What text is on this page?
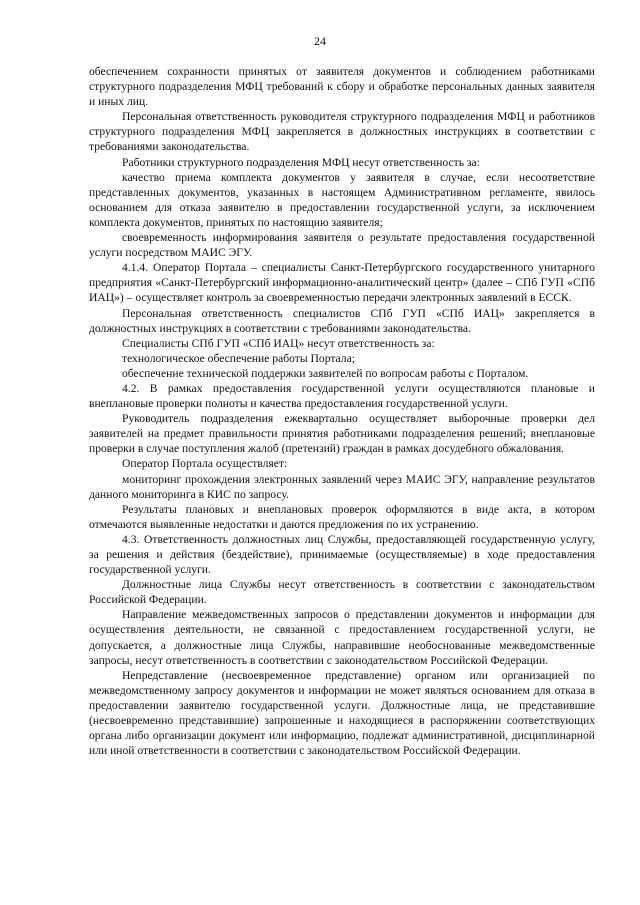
24

обеспечением сохранности принятых от заявителя документов и соблюдением работниками структурного подразделения МФЦ требований к сбору и обработке персональных данных заявителя и иных лиц.

Персональная ответственность руководителя структурного подразделения МФЦ и работников структурного подразделения МФЦ закрепляется в должностных инструкциях в соответствии с требованиями законодательства.

Работники структурного подразделения МФЦ несут ответственность за:

качество приема комплекта документов у заявителя в случае, если несоответствие представленных документов, указанных в настоящем Административном регламенте, явилось основанием для отказа заявителю в предоставлении государственной услуги, за исключением комплекта документов, принятых по настоящию заявителя;

своевременность информирования заявителя о результате предоставления государственной услуги посредством МАИС ЭГУ.

4.1.4. Оператор Портала – специалисты Санкт-Петербургского государственного унитарного предприятия «Санкт-Петербургский информационно-аналитический центр» (далее – СПб ГУП «СПб ИАЦ») – осуществляет контроль за своевременностью передачи электронных заявлений в ЕССК.

Персональная ответственность специалистов СПб ГУП «СПб ИАЦ» закрепляется в должностных инструкциях в соответствии с требованиями законодательства.

Специалисты СПб ГУП «СПб ИАЦ» несут ответственность за:

технологическое обеспечение работы Портала;

обеспечение технической поддержки заявителей по вопросам работы с Порталом.

4.2. В рамках предоставления государственной услуги осуществляются плановые и внеплановые проверки полноты и качества предоставления государственной услуги.

Руководитель подразделения ежеквартально осуществляет выборочные проверки дел заявителей на предмет правильности принятия работниками подразделения решений; внеплановые проверки в случае поступления жалоб (претензий) граждан в рамках досудебного обжалования.

Оператор Портала осуществляет:

мониторинг прохождения электронных заявлений через МАИС ЭГУ, направление результатов данного мониторинга в КИС по запросу.

Результаты плановых и внеплановых проверок оформляются в виде акта, в котором отмечаются выявленные недостатки и даются предложения по их устранению.

4.3. Ответственность должностных лиц Службы, предоставляющей государственную услугу, за решения и действия (бездействие), принимаемые (осуществляемые) в ходе предоставления государственной услуги.

Должностные лица Службы несут ответственность в соответствии с законодательством Российской Федерации.

Направление межведомственных запросов о представлении документов и информации для осуществления деятельности, не связанной с предоставлением государственной услуги, не допускается, а должностные лица Службы, направившие необоснованные межведомственные запросы, несут ответственность в соответствии с законодательством Российской Федерации.

Непредставление (несвоевременное представление) органом или организацией по межведомственному запросу документов и информации не может являться основанием для отказа в предоставлении заявителю государственной услуги. Должностные лица, не представившие (несвоевременно представившие) запрошенные и находящиеся в распоряжении соответствующих органа либо организации документ или информацию, подлежат административной, дисциплинарной или иной ответственности в соответствии с законодательством Российской Федерации.
